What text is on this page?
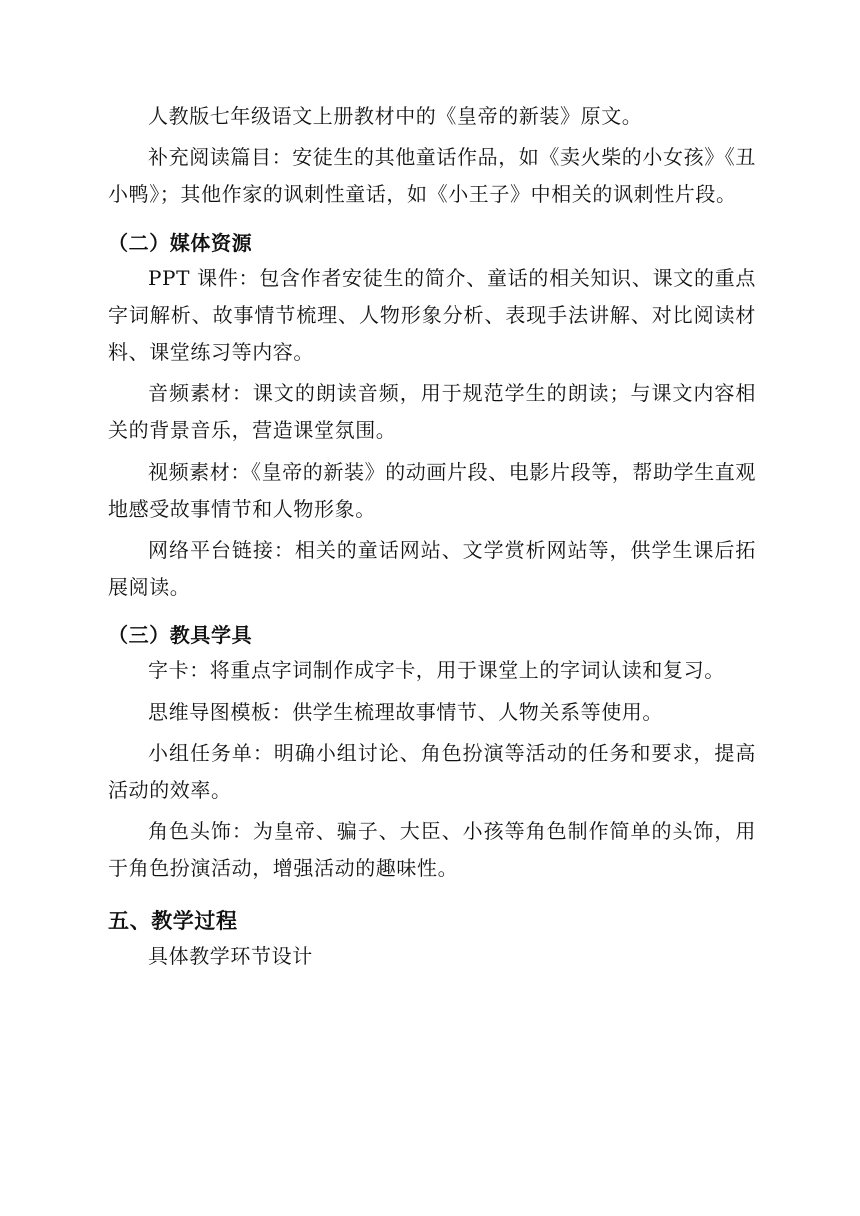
人教版七年级语文上册教材中的《皇帝的新装》原文。

补充阅读篇目：安徒生的其他童话作品，如《卖火柴的小女孩》《丑小鸭》；其他作家的讽刺性童话，如《小王子》中相关的讽刺性片段。

（二）媒体资源

PPT 课件：包含作者安徒生的简介、童话的相关知识、课文的重点字词解析、故事情节梳理、人物形象分析、表现手法讲解、对比阅读材料、课堂练习等内容。

音频素材：课文的朗读音频，用于规范学生的朗读；与课文内容相关的背景音乐，营造课堂氛围。

视频素材：《皇帝的新装》的动画片段、电影片段等，帮助学生直观地感受故事情节和人物形象。

网络平台链接：相关的童话网站、文学赏析网站等，供学生课后拓展阅读。

（三）教具学具

字卡：将重点字词制作成字卡，用于课堂上的字词认读和复习。

思维导图模板：供学生梳理故事情节、人物关系等使用。

小组任务单：明确小组讨论、角色扮演等活动的任务和要求，提高活动的效率。

角色头饰：为皇帝、骗子、大臣、小孩等角色制作简单的头饰，用于角色扮演活动，增强活动的趣味性。

五、教学过程

具体教学环节设计
